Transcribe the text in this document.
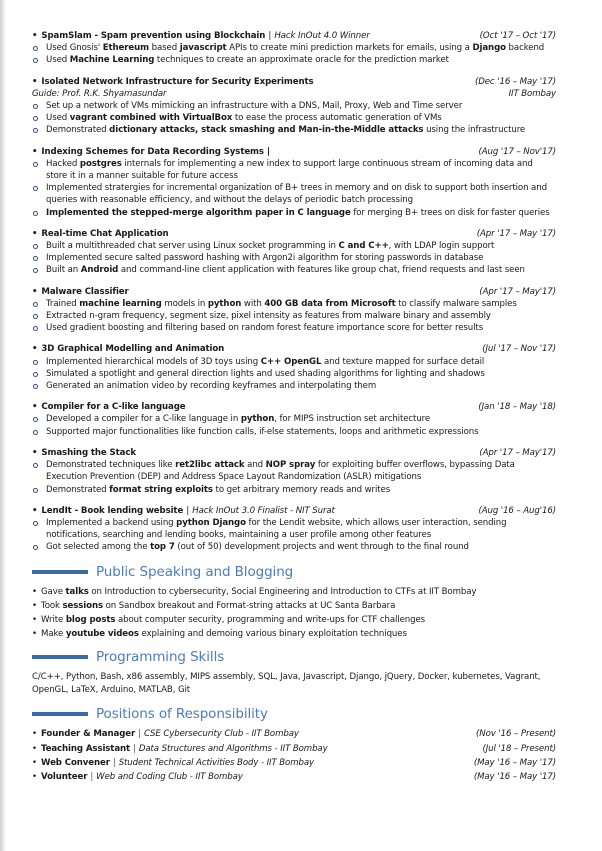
• SpamSlam - Spam prevention using Blockchain | Hack InOut 4.0 Winner	(Oct '17 – Oct '17)
Used Gnosis' Ethereum based javascript APIs to create mini prediction markets for emails, using a Django backend
Used Machine Learning techniques to create an approximate oracle for the prediction market
• Isolated Network Infrastructure for Security Experiments	(Dec '16 – May '17)
Guide: Prof. R.K. Shyamasundar	IIT Bombay
Set up a network of VMs mimicking an infrastructure with a DNS, Mail, Proxy, Web and Time server
Used vagrant combined with VirtualBox to ease the process automatic generation of VMs
Demonstrated dictionary attacks, stack smashing and Man-in-the-Middle attacks using the infrastructure
• Indexing Schemes for Data Recording Systems |	(Aug '17 – Nov'17)
Hacked postgres internals for implementing a new index to support large continuous stream of incoming data and store it in a manner suitable for future access
Implemented stratergies for incremental organization of B+ trees in memory and on disk to support both insertion and queries with reasonable efficiency, and without the delays of periodic batch processing
Implemented the stepped-merge algorithm paper in C language for merging B+ trees on disk for faster queries
• Real-time Chat Application	(Apr '17 – May '17)
Built a multithreaded chat server using Linux socket programming in C and C++, with LDAP login support
Implemented secure salted password hashing with Argon2i algorithm for storing passwords in database
Built an Android and command-line client application with features like group chat, friend requests and last seen
• Malware Classifier	(Apr '17 – May'17)
Trained machine learning models in python with 400 GB data from Microsoft to classify malware samples
Extracted n-gram frequency, segment size, pixel intensity as features from malware binary and assembly
Used gradient boosting and filtering based on random forest feature importance score for better results
• 3D Graphical Modelling and Animation	(Jul '17 – Nov '17)
Implemented hierarchical models of 3D toys using C++ OpenGL and texture mapped for surface detail
Simulated a spotlight and general direction lights and used shading algorithms for lighting and shadows
Generated an animation video by recording keyframes and interpolating them
• Compiler for a C-like language	(Jan '18 – May '18)
Developed a compiler for a C-like language in python, for MIPS instruction set architecture
Supported major functionalities like function calls, if-else statements, loops and arithmetic expressions
• Smashing the Stack	(Apr '17 – May'17)
Demonstrated techniques like ret2libc attack and NOP spray for exploiting buffer overflows, bypassing Data Execution Prevention (DEP) and Address Space Layout Randomization (ASLR) mitigations
Demonstrated format string exploits to get arbitrary memory reads and writes
• LendIt - Book lending website | Hack InOut 3.0 Finalist - NIT Surat	(Aug '16 – Aug'16)
Implemented a backend using python Django for the Lendit website, which allows user interaction, sending notifications, searching and lending books, maintaining a user profile among other features
Got selected among the top 7 (out of 50) development projects and went through to the final round
Public Speaking and Blogging
• Gave talks on Introduction to cybersecurity, Social Engineering and Introduction to CTFs at IIT Bombay
• Took sessions on Sandbox breakout and Format-string attacks at UC Santa Barbara
• Write blog posts about computer security, programming and write-ups for CTF challenges
• Make youtube videos explaining and demoing various binary exploitation techniques
Programming Skills
C/C++, Python, Bash, x86 assembly, MIPS assembly, SQL, Java, Javascript, Django, jQuery, Docker, kubernetes, Vagrant, OpenGL, LaTeX, Arduino, MATLAB, Git
Positions of Responsibility
• Founder & Manager | CSE Cybersecurity Club - IIT Bombay	(Nov '16 – Present)
• Teaching Assistant | Data Structures and Algorithms - IIT Bombay	(Jul '18 – Present)
• Web Convener | Student Technical Activities Body - IIT Bombay	(May '16 – May '17)
• Volunteer | Web and Coding Club - IIT Bombay	(May '16 – May '17)
